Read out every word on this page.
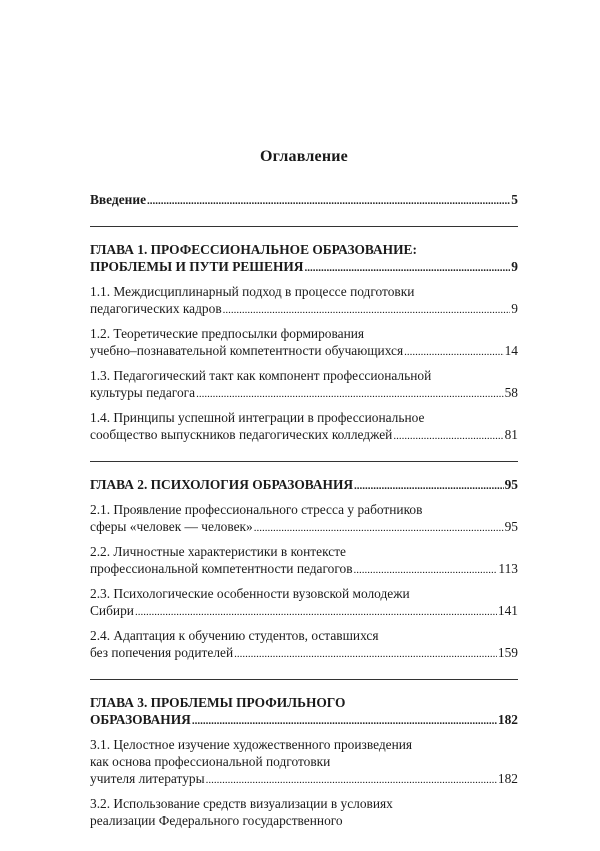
Оглавление
Введение .....	5
ГЛАВА 1. ПРОФЕССИОНАЛЬНОЕ ОБРАЗОВАНИЕ:
ПРОБЛЕМЫ И ПУТИ РЕШЕНИЯ .....	9
1.1. Междисциплинарный подход в процессе подготовки
педагогических кадров .....	9
1.2. Теоретические предпосылки формирования
учебно–познавательной компетентности обучающихся .....	14
1.3. Педагогический такт как компонент профессиональной
культуры педагога .....	58
1.4. Принципы успешной интеграции в профессиональное
сообщество выпускников педагогических колледжей .....	81
ГЛАВА 2. ПСИХОЛОГИЯ ОБРАЗОВАНИЯ .....	95
2.1. Проявление профессионального стресса у работников
сферы «человек — человек» .....	95
2.2. Личностные характеристики в контексте
профессиональной компетентности педагогов .....	113
2.3. Психологические особенности вузовской молодежи
Сибири .....	141
2.4. Адаптация к обучению студентов, оставшихся
без попечения родителей .....	159
ГЛАВА 3. ПРОБЛЕМЫ ПРОФИЛЬНОГО
ОБРАЗОВАНИЯ .....	182
3.1. Целостное изучение художественного произведения
как основа профессиональной подготовки
учителя литературы .....	182
3.2. Использование средств визуализации в условиях
реализации Федерального государственного
